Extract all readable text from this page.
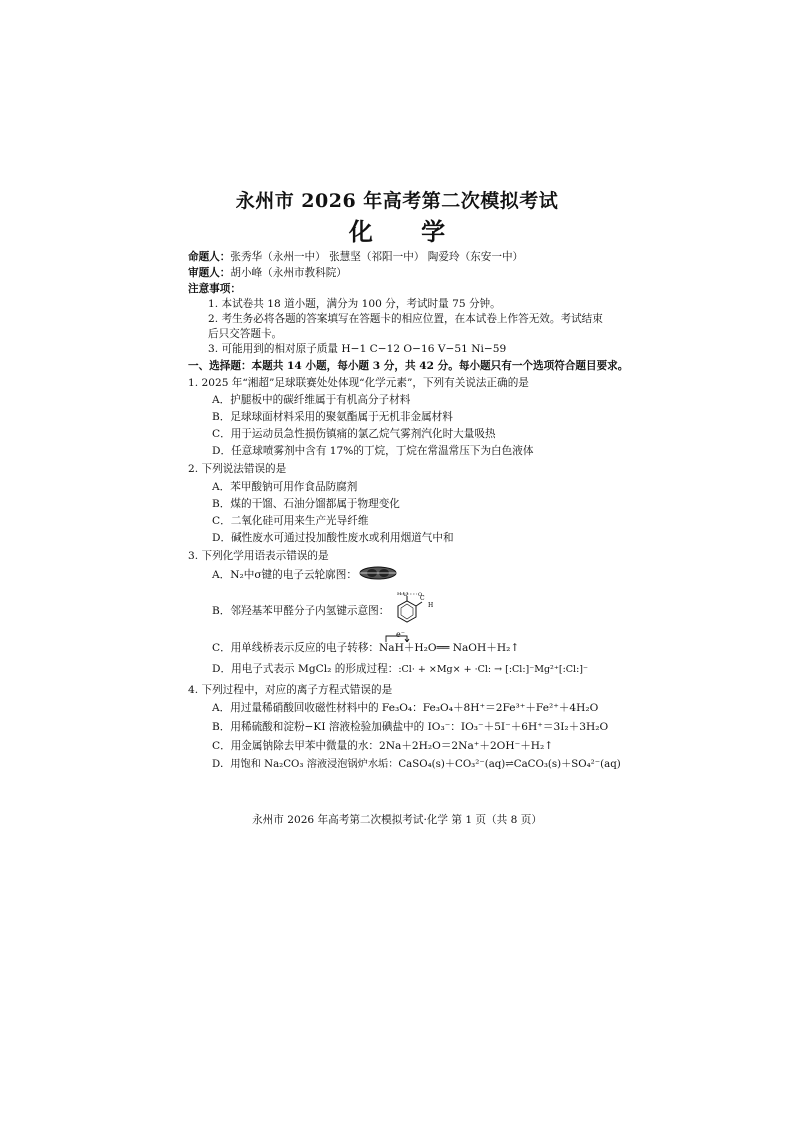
永州市 2026 年高考第二次模拟考试
化 学
命题人：张秀华（永州一中） 张慧坚（祁阳一中） 陶爱玲（东安一中）
审题人：胡小峰（永州市教科院）
注意事项：
1. 本试卷共 18 道小题，满分为 100 分，考试时量 75 分钟。
2. 考生务必将各题的答案填写在答题卡的相应位置，在本试卷上作答无效。考试结束
后只交答题卡。
3. 可能用到的相对原子质量 H−1 C−12 O−16 V−51 Ni−59
一、选择题：本题共 14 小题，每小题 3 分，共 42 分。每小题只有一个选项符合题目要求。
1. 2025 年“湘超”足球联赛处处体现“化学元素”，下列有关说法正确的是
A．护腿板中的碳纤维属于有机高分子材料
B．足球球面材料采用的聚氨酯属于无机非金属材料
C．用于运动员急性损伤镇痛的氯乙烷气雾剂汽化时大量吸热
D．任意球喷雾剂中含有 17%的丁烷，丁烷在常温常压下为白色液体
2. 下列说法错误的是
A．苯甲酸钠可用作食品防腐剂
B．煤的干馏、石油分馏都属于物理变化
C．二氧化硅可用来生产光导纤维
D．碱性废水可通过投加酸性废水或利用烟道气中和
3. 下列化学用语表示错误的是
A．N₂中σ键的电子云轮廓图：
B．邻羟基苯甲醛分子内氢键示意图：
O
H
C
O
H
C．用单线桥表示反应的电子转移：NaH＋H₂O══ NaOH＋H₂↑
e⁻
D．用电子式表示 MgCl₂ 的形成过程：:Cl· + ×Mg× + ·Cl: → [:Cl:]⁻Mg²⁺[:Cl:]⁻
4. 下列过程中，对应的离子方程式错误的是
A．用过量稀硝酸回收磁性材料中的 Fe₃O₄：Fe₃O₄＋8H⁺＝2Fe³⁺＋Fe²⁺＋4H₂O
B．用稀硫酸和淀粉−KI 溶液检验加碘盐中的 IO₃⁻：IO₃⁻＋5I⁻＋6H⁺＝3I₂＋3H₂O
C．用金属钠除去甲苯中微量的水：2Na＋2H₂O＝2Na⁺＋2OH⁻＋H₂↑
D．用饱和 Na₂CO₃ 溶液浸泡锅炉水垢：CaSO₄(s)＋CO₃²⁻(aq)⇌CaCO₃(s)＋SO₄²⁻(aq)
永州市 2026 年高考第二次模拟考试·化学 第 1 页（共 8 页）
